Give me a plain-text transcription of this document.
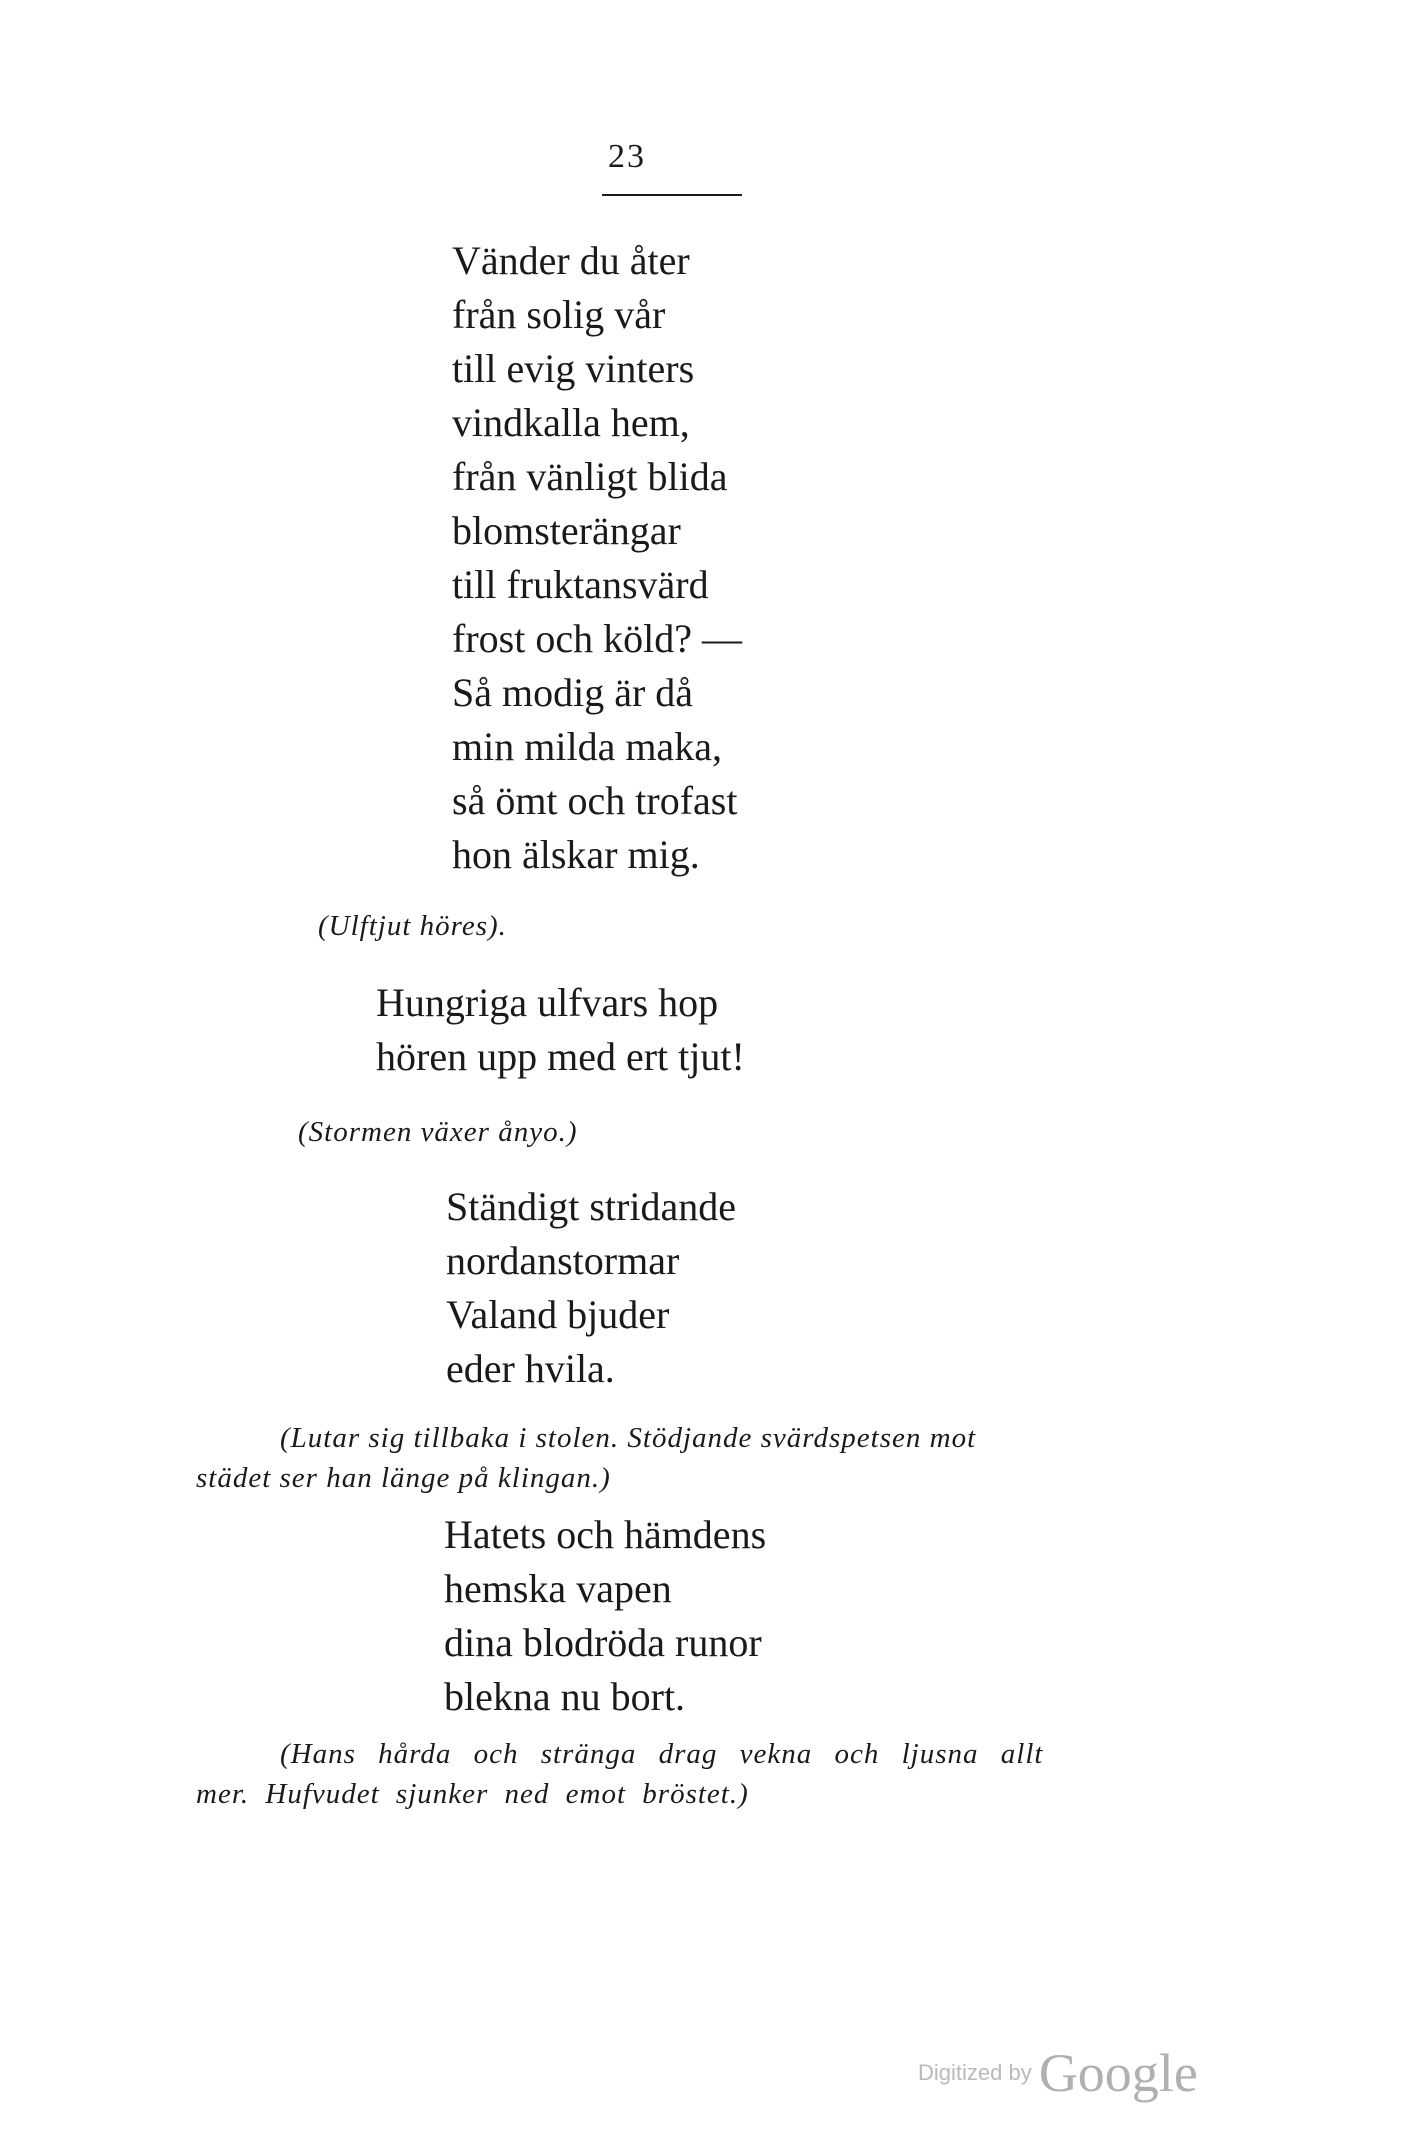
23
Vänder du åter
från solig vår
till evig vinters
vindkalla hem,
från vänligt blida
blomsterängar
till fruktansvärd
frost och köld? —
Så modig är då
min milda maka,
så ömt och trofast
hon älskar mig.
(Ulftjut höres).
Hungriga ulfvars hop
hören upp med ert tjut!
(Stormen växer ånyo.)
Ständigt stridande
nordanstormar
Valand bjuder
eder hvila.
(Lutar sig tillbaka i stolen. Stödjande svärdspetsen mot
städet ser han länge på klingan.)
Hatets och hämdens
hemska vapen
dina blodröda runor
blekna nu bort.
(Hans hårda och stränga drag vekna och ljusna allt
mer. Hufvudet sjunker ned emot bröstet.)
Digitized by Google
